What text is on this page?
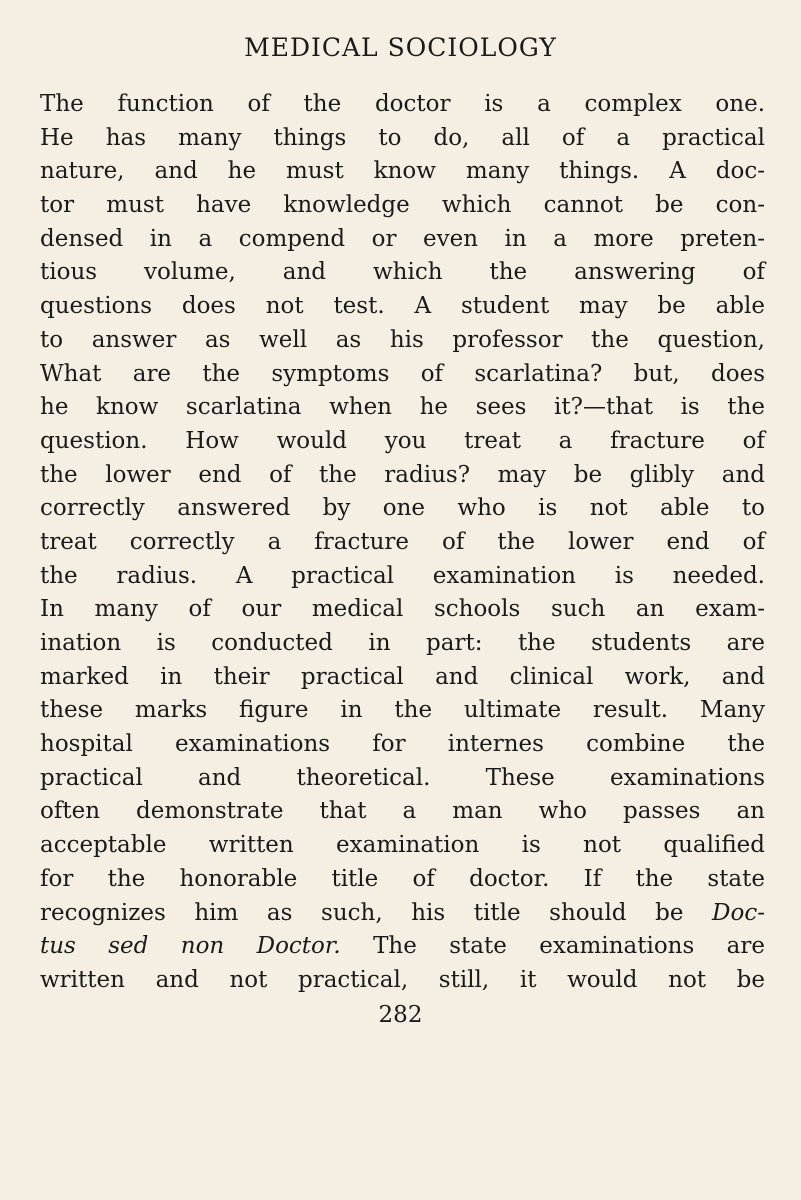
MEDICAL SOCIOLOGY
The function of the doctor is a complex one.
He has many things to do, all of a practical
nature, and he must know many things. A doc-
tor must have knowledge which cannot be con-
densed in a compend or even in a more preten-
tious volume, and which the answering of
questions does not test. A student may be able
to answer as well as his professor the question,
What are the symptoms of scarlatina? but, does
he know scarlatina when he sees it?—that is the
question. How would you treat a fracture of
the lower end of the radius? may be glibly and
correctly answered by one who is not able to
treat correctly a fracture of the lower end of
the radius. A practical examination is needed.
In many of our medical schools such an exam-
ination is conducted in part: the students are
marked in their practical and clinical work, and
these marks figure in the ultimate result. Many
hospital examinations for internes combine the
practical and theoretical. These examinations
often demonstrate that a man who passes an
acceptable written examination is not qualified
for the honorable title of doctor. If the state
recognizes him as such, his title should be Doc-
tus sed non Doctor. The state examinations are
written and not practical, still, it would not be
282
